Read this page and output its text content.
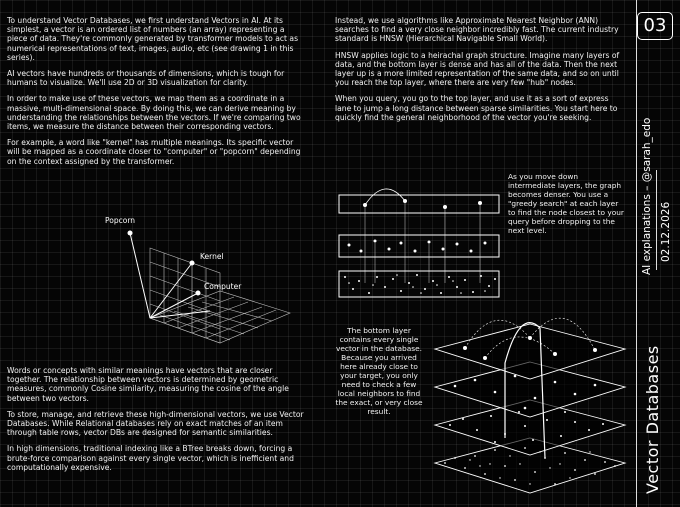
To understand Vector Databases, we first understand Vectors in AI. At its simplest, a vector is an ordered list of numbers (an array) representing a piece of data. They're commonly generated by transformer models to act as numerical representations of text, images, audio, etc (see drawing 1 in this series).

AI vectors have hundreds or thousands of dimensions, which is tough for humans to visualize. We'll use 2D or 3D visualization for clarity.

In order to make use of these vectors, we map them as a coordinate in a massive, multi-dimensional space. By doing this, we can derive meaning by understanding the relationships between the vectors. If we're comparing two items, we measure the distance between their corresponding vectors.

For example, a word like "kernel" has multiple meanings. Its specific vector will be mapped as a coordinate closer to "computer" or "popcorn" depending on the context assigned by the transformer.

Popcorn
Kernel
Computer

Words or concepts with similar meanings have vectors that are closer together. The relationship between vectors is determined by geometric measures, commonly Cosine similarity, measuring the cosine of the angle between two vectors.

To store, manage, and retrieve these high-dimensional vectors, we use Vector Databases. While Relational databases rely on exact matches of an item through table rows, vector DBs are designed for semantic similarities.

In high dimensions, traditional indexing like a BTree breaks down, forcing a brute-force comparison against every single vector, which is inefficient and computationally expensive.

Instead, we use algorithms like Approximate Nearest Neighbor (ANN) searches to find a very close neighbor incredibly fast. The current industry standard is HNSW (Hierarchical Navigable Small World).

HNSW applies logic to a heirachal graph structure. Imagine many layers of data, and the bottom layer is dense and has all of the data. Then the next layer up is a more limited representation of the same data, and so on until you reach the top layer, where there are very few "hub" nodes.

When you query, you go to the top layer, and use it as a sort of express lane to jump a long distance between sparse similarities. You start here to quickly find the general neighborhood of the vector you're seeking.

As you move down intermediate layers, the graph becomes denser. You use a "greedy search" at each layer to find the node closest to your query before dropping to the next level.
The bottom layer contains every single vector in the database. Because you arrived here already close to your target, you only need to check a few local neighbors to find the exact, or very close result.
03
AI explanations – @sarah_edo
02.12.2026
Vector Databases
